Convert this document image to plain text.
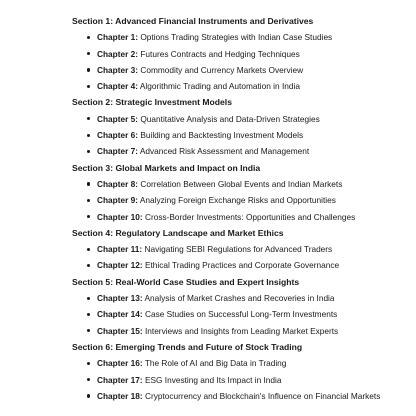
Section 1: Advanced Financial Instruments and Derivatives
Chapter 1: Options Trading Strategies with Indian Case Studies
Chapter 2: Futures Contracts and Hedging Techniques
Chapter 3: Commodity and Currency Markets Overview
Chapter 4: Algorithmic Trading and Automation in India
Section 2: Strategic Investment Models
Chapter 5: Quantitative Analysis and Data-Driven Strategies
Chapter 6: Building and Backtesting Investment Models
Chapter 7: Advanced Risk Assessment and Management
Section 3: Global Markets and Impact on India
Chapter 8: Correlation Between Global Events and Indian Markets
Chapter 9: Analyzing Foreign Exchange Risks and Opportunities
Chapter 10: Cross-Border Investments: Opportunities and Challenges
Section 4: Regulatory Landscape and Market Ethics
Chapter 11: Navigating SEBI Regulations for Advanced Traders
Chapter 12: Ethical Trading Practices and Corporate Governance
Section 5: Real-World Case Studies and Expert Insights
Chapter 13: Analysis of Market Crashes and Recoveries in India
Chapter 14: Case Studies on Successful Long-Term Investments
Chapter 15: Interviews and Insights from Leading Market Experts
Section 6: Emerging Trends and Future of Stock Trading
Chapter 16: The Role of AI and Big Data in Trading
Chapter 17: ESG Investing and Its Impact in India
Chapter 18: Cryptocurrency and Blockchain's Influence on Financial Markets
